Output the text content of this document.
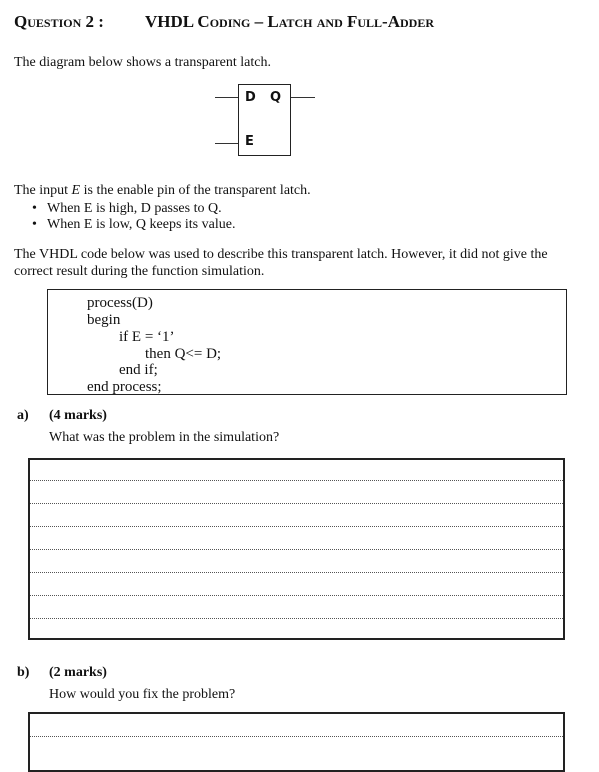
Question 2 : VHDL Coding – Latch and Full-Adder
The diagram below shows a transparent latch.
D Q
E
The input E is the enable pin of the transparent latch.
• When E is high, D passes to Q.
• When E is low, Q keeps its value.
The VHDL code below was used to describe this transparent latch. However, it did not give the
correct result during the function simulation.
process(D)
begin
if E = ‘1’
then Q<= D;
end if;
end process;
a) (4 marks)
What was the problem in the simulation?
b) (2 marks)
How would you fix the problem?
